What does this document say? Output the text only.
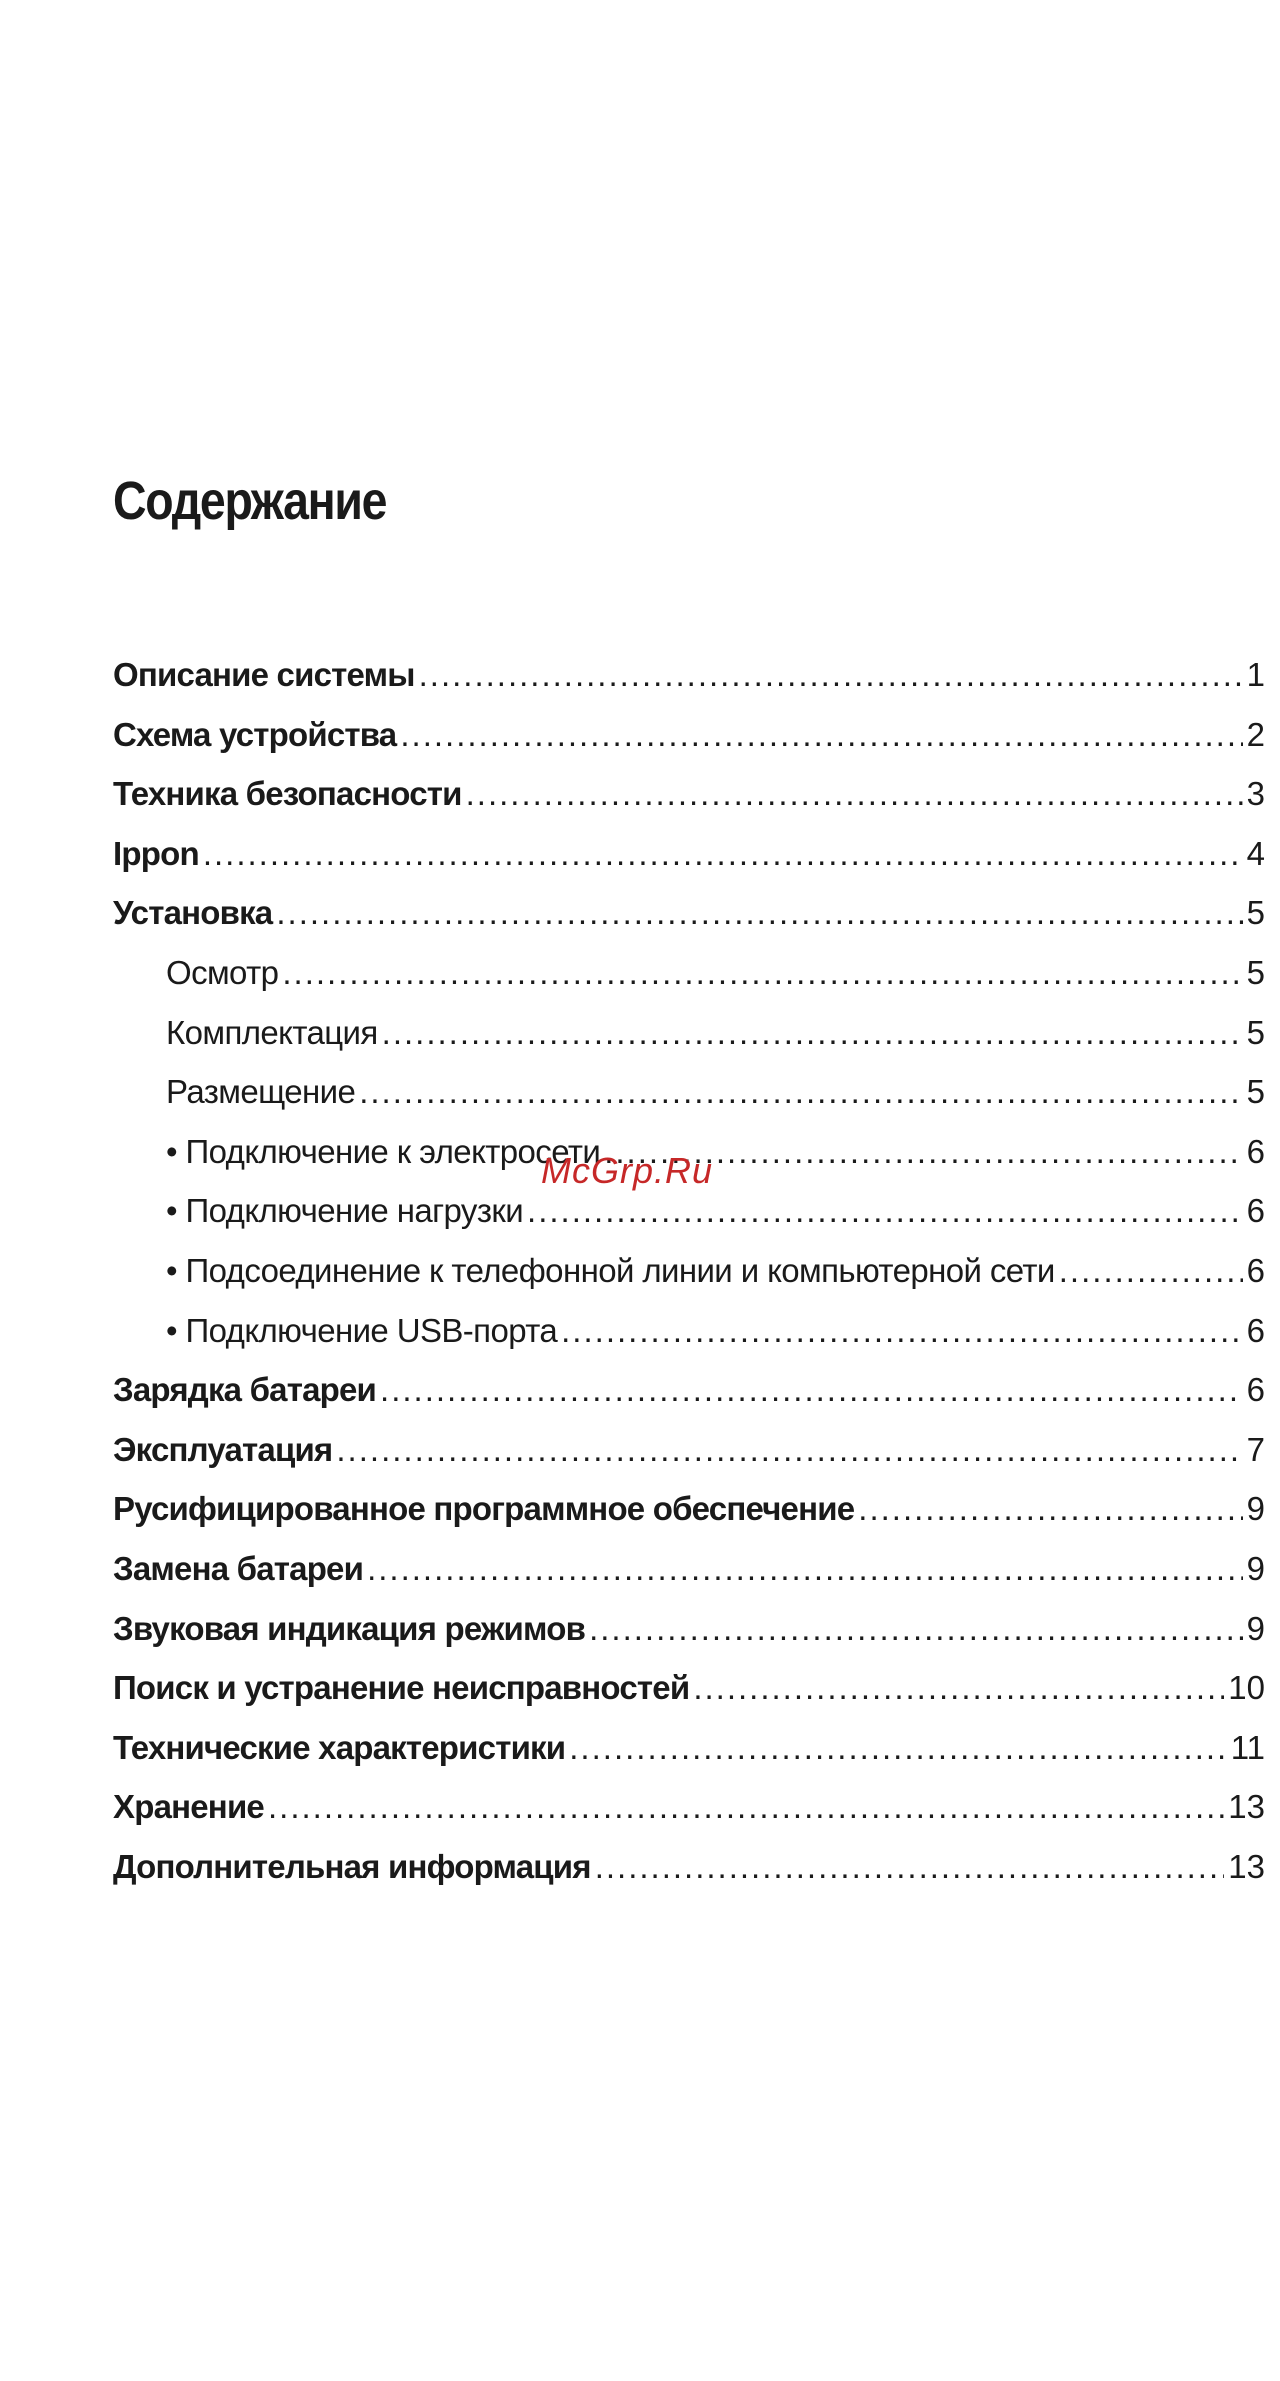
Содержание
Описание системы .....	1
Схема устройства .....	2
Техника безопасности .....	3
Ippon .....	4
Установка .....	5
Осмотр .....	5
Комплектация .....	5
Размещение .....	5
• Подключение к электросети .....	6
• Подключение нагрузки .....	6
• Подсоединение к телефонной линии и компьютерной сети .....	6
• Подключение USB-порта .....	6
Зарядка батареи .....	6
Эксплуатация .....	7
Русифицированное программное обеспечение .....	9
Замена батареи .....	9
Звуковая индикация режимов .....	9
Поиск и устранение неисправностей .....	10
Технические характеристики .....	11
Хранение .....	13
Дополнительная информация .....	13
McGrp.Ru
